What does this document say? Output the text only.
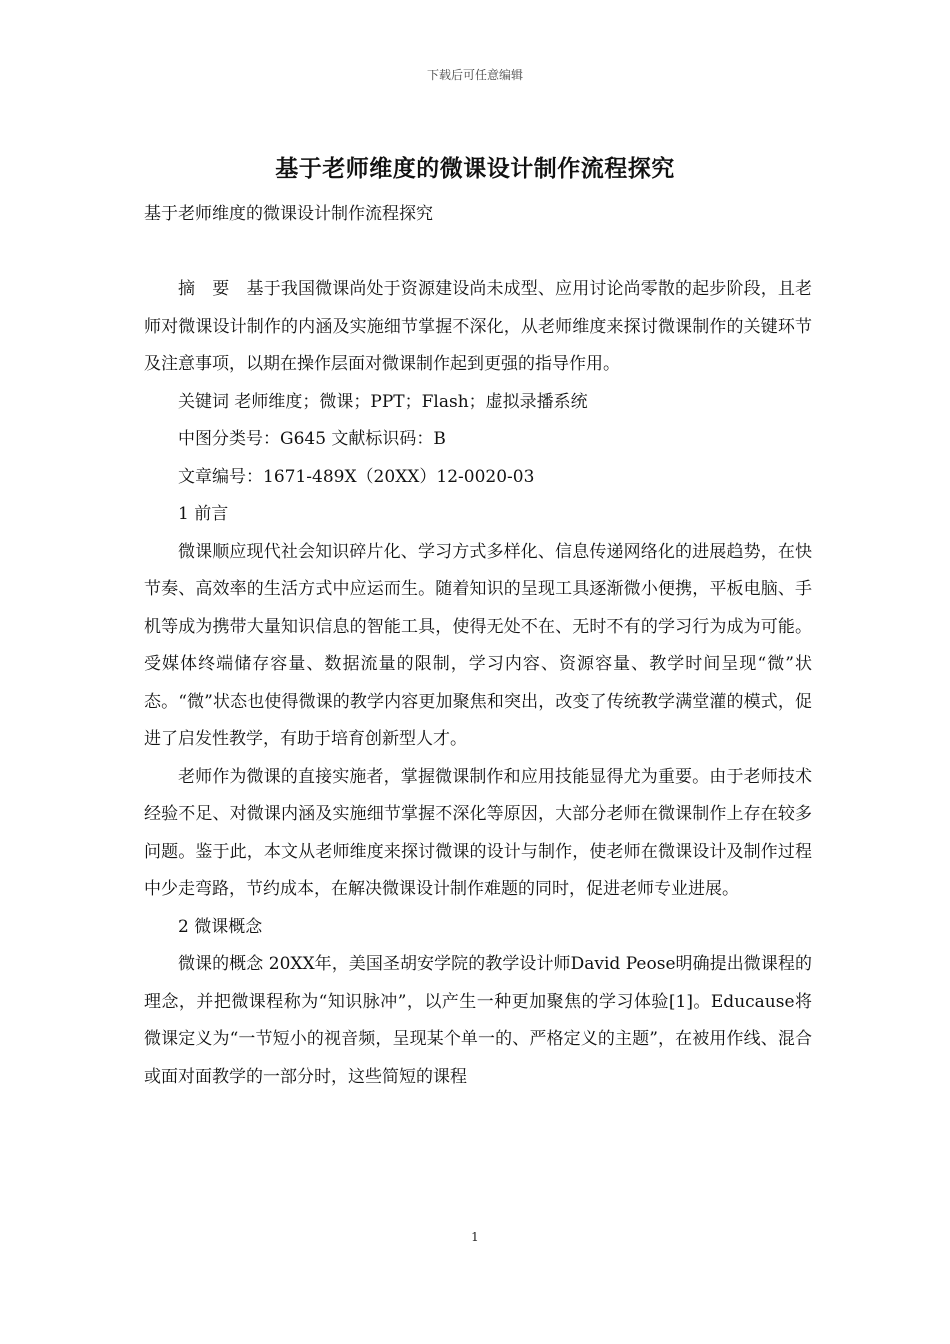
下载后可任意编辑
基于老师维度的微课设计制作流程探究

基于老师维度的微课设计制作流程探究

摘　要　基于我国微课尚处于资源建设尚未成型、应用讨论尚零散的起步阶段，且老师对微课设计制作的内涵及实施细节掌握不深化，从老师维度来探讨微课制作的关键环节及注意事项，以期在操作层面对微课制作起到更强的指导作用。

关键词 老师维度；微课；PPT；Flash；虚拟录播系统

中图分类号：G645 文献标识码：B

文章编号：1671-489X（20XX）12-0020-03

1 前言

微课顺应现代社会知识碎片化、学习方式多样化、信息传递网络化的进展趋势，在快节奏、高效率的生活方式中应运而生。随着知识的呈现工具逐渐微小便携，平板电脑、手机等成为携带大量知识信息的智能工具，使得无处不在、无时不有的学习行为成为可能。受媒体终端储存容量、数据流量的限制，学习内容、资源容量、教学时间呈现“微”状态。“微”状态也使得微课的教学内容更加聚焦和突出，改变了传统教学满堂灌的模式，促进了启发性教学，有助于培育创新型人才。

老师作为微课的直接实施者，掌握微课制作和应用技能显得尤为重要。由于老师技术经验不足、对微课内涵及实施细节掌握不深化等原因，大部分老师在微课制作上存在较多问题。鉴于此，本文从老师维度来探讨微课的设计与制作，使老师在微课设计及制作过程中少走弯路，节约成本，在解决微课设计制作难题的同时，促进老师专业进展。

2 微课概念

微课的概念 20XX年，美国圣胡安学院的教学设计师David Peose明确提出微课程的理念，并把微课程称为“知识脉冲”，以产生一种更加聚焦的学习体验[1]。Educause将微课定义为“一节短小的视音频，呈现某个单一的、严格定义的主题”，在被用作线、混合或面对面教学的一部分时，这些简短的课程

1
